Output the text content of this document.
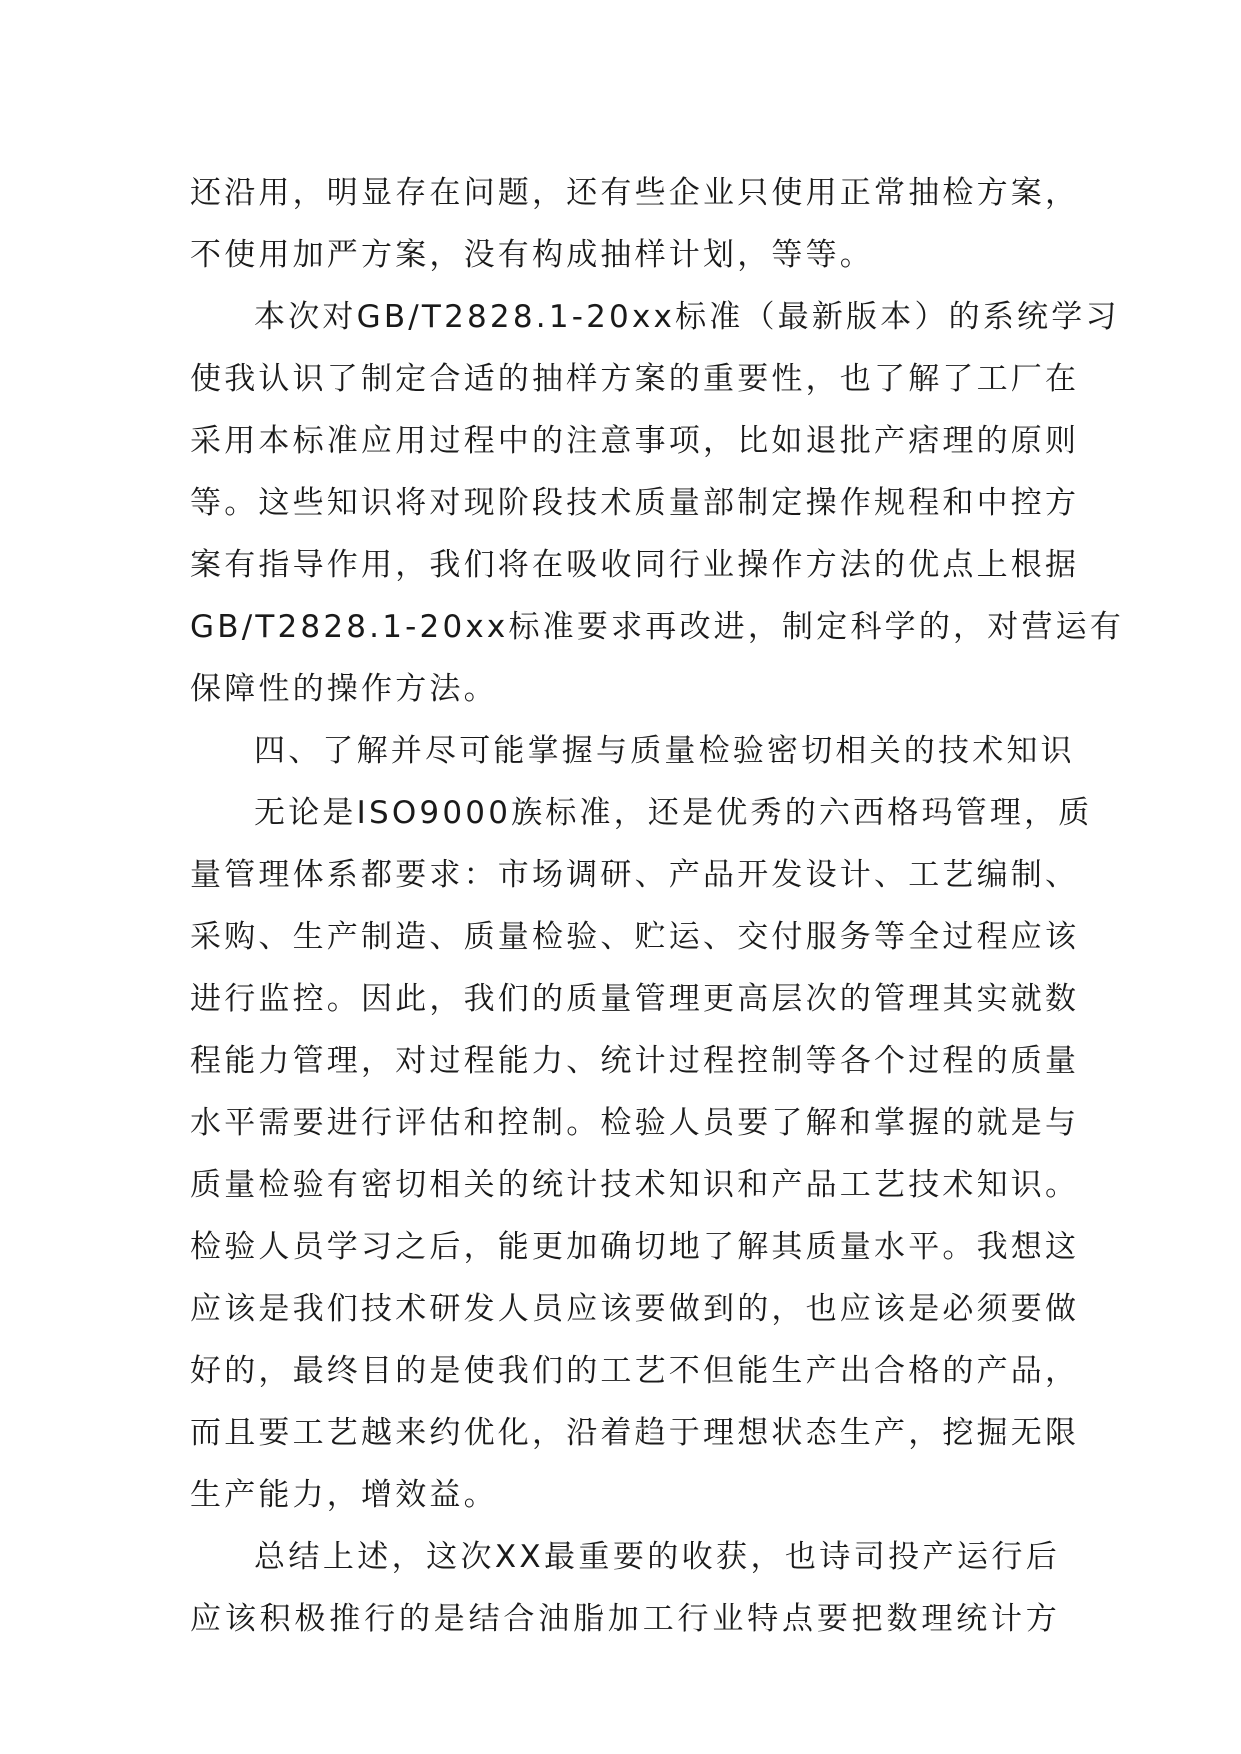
还沿用，明显存在问题，还有些企业只使用正常抽检方案，
不使用加严方案，没有构成抽样计划，等等。
本次对GB/T2828.1-20xx标准（最新版本）的系统学习
使我认识了制定合适的抽样方案的重要性，也了解了工厂在
采用本标准应用过程中的注意事项，比如退批产痞理的原则
等。这些知识将对现阶段技术质量部制定操作规程和中控方
案有指导作用，我们将在吸收同行业操作方法的优点上根据
GB/T2828.1-20xx标准要求再改进，制定科学的，对营运有
保障性的操作方法。
四、了解并尽可能掌握与质量检验密切相关的技术知识
无论是ISO9000族标准，还是优秀的六西格玛管理，质
量管理体系都要求：市场调研、产品开发设计、工艺编制、
采购、生产制造、质量检验、贮运、交付服务等全过程应该
进行监控。因此，我们的质量管理更高层次的管理其实就数
程能力管理，对过程能力、统计过程控制等各个过程的质量
水平需要进行评估和控制。检验人员要了解和掌握的就是与
质量检验有密切相关的统计技术知识和产品工艺技术知识。
检验人员学习之后，能更加确切地了解其质量水平。我想这
应该是我们技术研发人员应该要做到的，也应该是必须要做
好的，最终目的是使我们的工艺不但能生产出合格的产品，
而且要工艺越来约优化，沿着趋于理想状态生产，挖掘无限
生产能力，增效益。
总结上述，这次XX最重要的收获，也诗司投产运行后
应该积极推行的是结合油脂加工行业特点要把数理统计方
